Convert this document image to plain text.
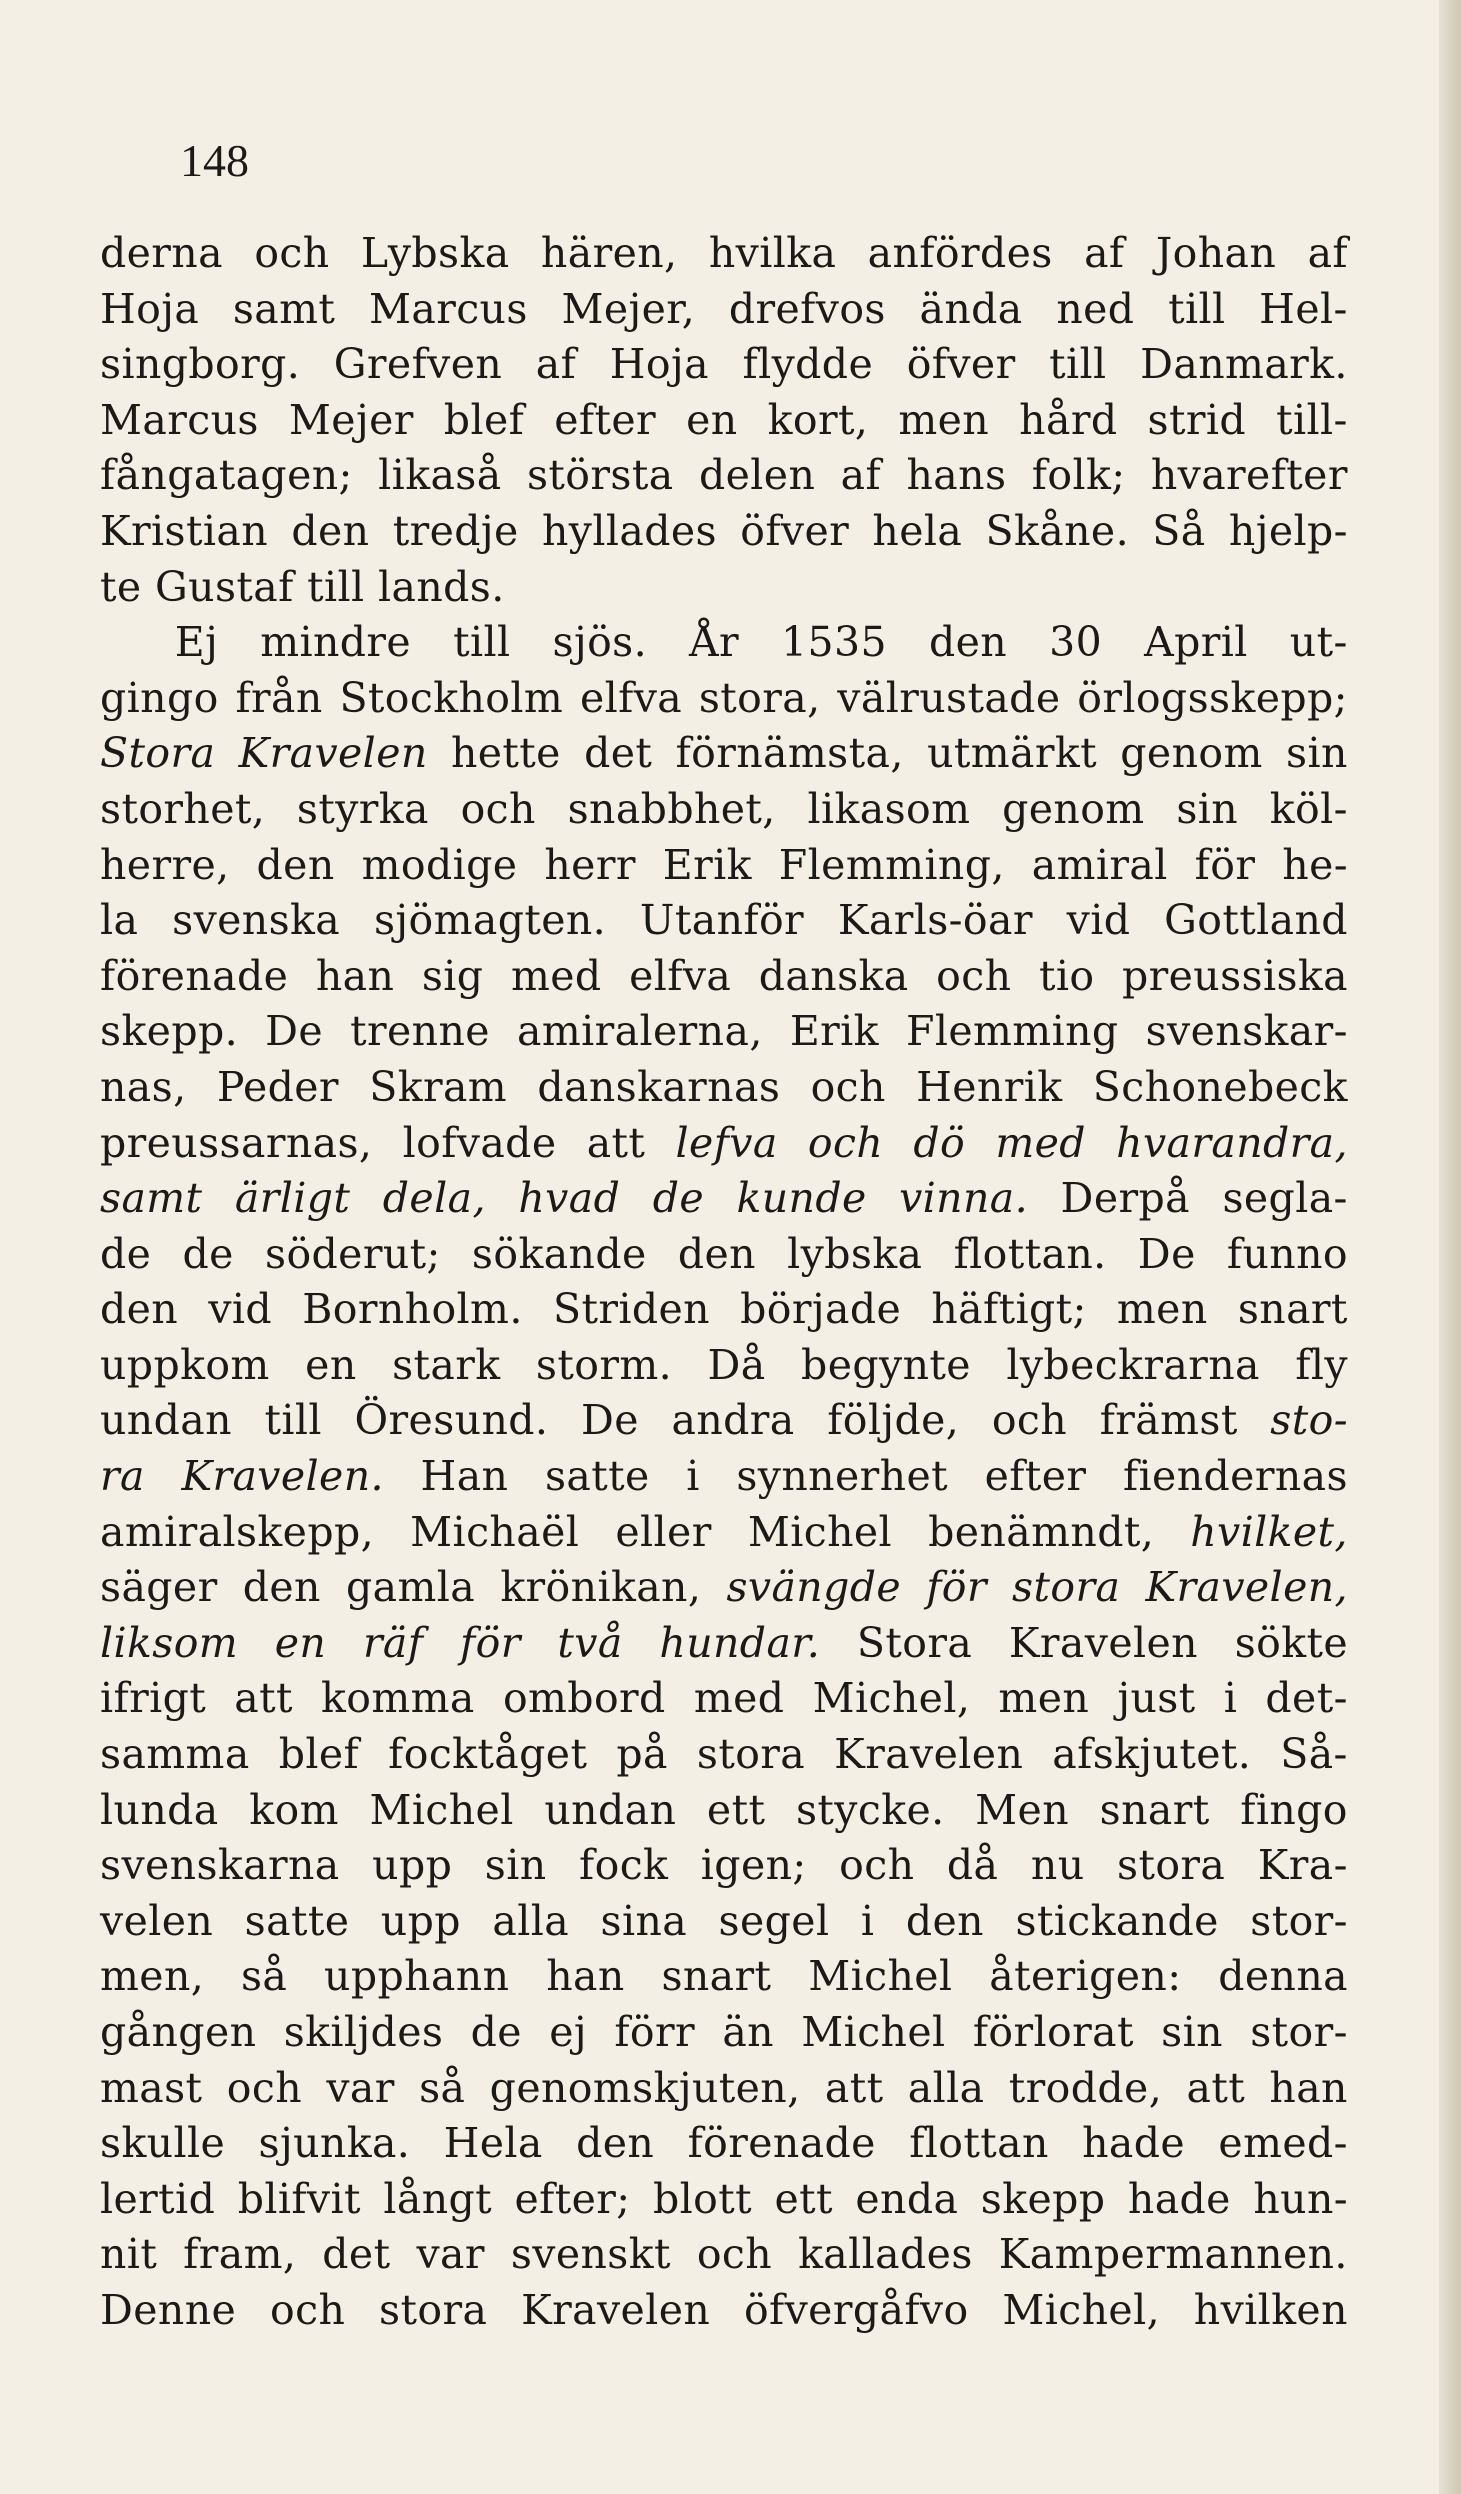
148
derna och Lybska hären, hvilka anfördes af Johan af
Hoja samt Marcus Mejer, drefvos ända ned till Hel-
singborg. Grefven af Hoja flydde öfver till Danmark.
Marcus Mejer blef efter en kort, men hård strid till-
fångatagen; likaså största delen af hans folk; hvarefter
Kristian den tredje hyllades öfver hela Skåne. Så hjelp-
te
Gustaf
till
lands.

Ej mindre till sjös. År 1535 den 30 April ut-
gingo från Stockholm elfva stora, välrustade örlogsskepp;
Stora Kravelen hette det förnämsta, utmärkt genom sin
storhet, styrka och snabbhet, likasom genom sin köl-
herre, den modige herr Erik Flemming, amiral för he-
la svenska sjömagten. Utanför Karls-öar vid Gottland
förenade han sig med elfva danska och tio preussiska
skepp. De trenne amiralerna, Erik Flemming svenskar-
nas, Peder Skram danskarnas och Henrik Schonebeck
preussarnas, lofvade att lefva och dö med hvarandra,
samt ärligt dela, hvad de kunde vinna. Derpå segla-
de de söderut; sökande den lybska flottan. De funno
den vid Bornholm. Striden började häftigt; men snart
uppkom en stark storm. Då begynte lybeckrarna fly
undan till Öresund. De andra följde, och främst sto-
ra Kravelen. Han satte i synnerhet efter fiendernas
amiralskepp, Michaël eller Michel benämndt, hvilket,
säger den gamla krönikan, svängde för stora Kravelen,
liksom en räf för två hundar. Stora Kravelen sökte
ifrigt att komma ombord med Michel, men just i det-
samma blef focktåget på stora Kravelen afskjutet. Så-
lunda kom Michel undan ett stycke. Men snart fingo
svenskarna upp sin fock igen; och då nu stora Kra-
velen satte upp alla sina segel i den stickande stor-
men, så upphann han snart Michel återigen: denna
gången skiljdes de ej förr än Michel förlorat sin stor-
mast och var så genomskjuten, att alla trodde, att han
skulle sjunka. Hela den förenade flottan hade emed-
lertid blifvit långt efter; blott ett enda skepp hade hun-
nit fram, det var svenskt och kallades Kampermannen.
Denne och stora Kravelen öfvergåfvo Michel, hvilken
